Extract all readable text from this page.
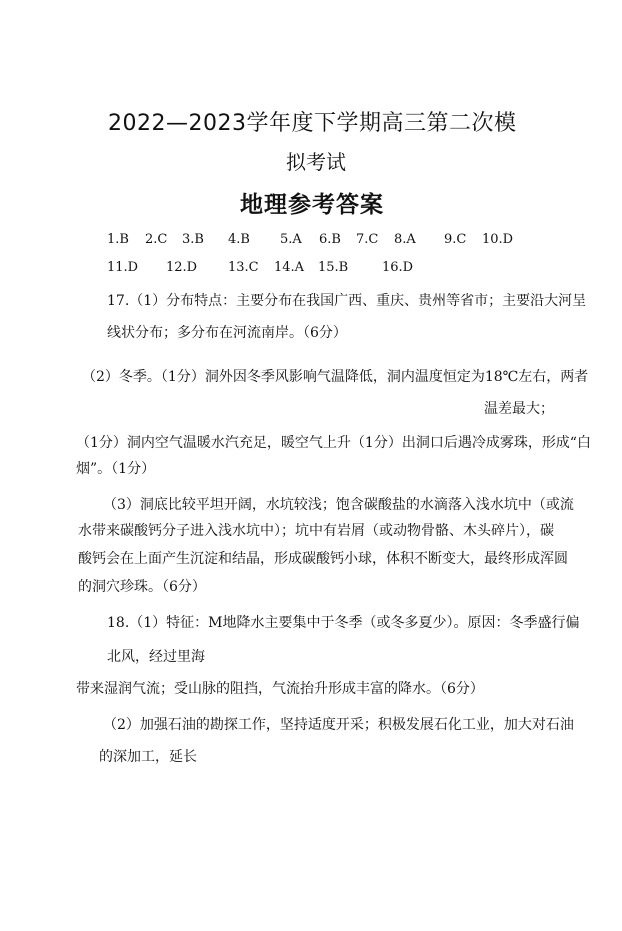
2022—2023学年度下学期高三第二次模
拟考试
地理参考答案
1.B 2.C 3.B 4.B 5.A 6.B 7.C 8.A 9.C 10.D
11.D 12.D 13.C 14.A 15.B	16.D
17.（1）分布特点：主要分布在我国广西、重庆、贵州等省市；主要沿大河呈
线状分布；多分布在河流南岸。（6分）
（2）冬季。（1分）洞外因冬季风影响气温降低，洞内温度恒定为18℃左右，两者
温差最大；
（1分）洞内空气温暖水汽充足，暖空气上升（1分）出洞口后遇冷成雾珠，形成“白
烟”。（1分）
（3）洞底比较平坦开阔，水坑较浅；饱含碳酸盐的水滴落入浅水坑中（或流
水带来碳酸钙分子进入浅水坑中）；坑中有岩屑（或动物骨骼、木头碎片），碳
酸钙会在上面产生沉淀和结晶，形成碳酸钙小球，体积不断变大，最终形成浑圆
的洞穴珍珠。（6分）
18.（1）特征：M地降水主要集中于冬季（或冬多夏少）。原因：冬季盛行偏
北风，经过里海
带来湿润气流；受山脉的阻挡，气流抬升形成丰富的降水。（6分）
（2）加强石油的勘探工作，坚持适度开采；积极发展石化工业，加大对石油
的深加工，延长
